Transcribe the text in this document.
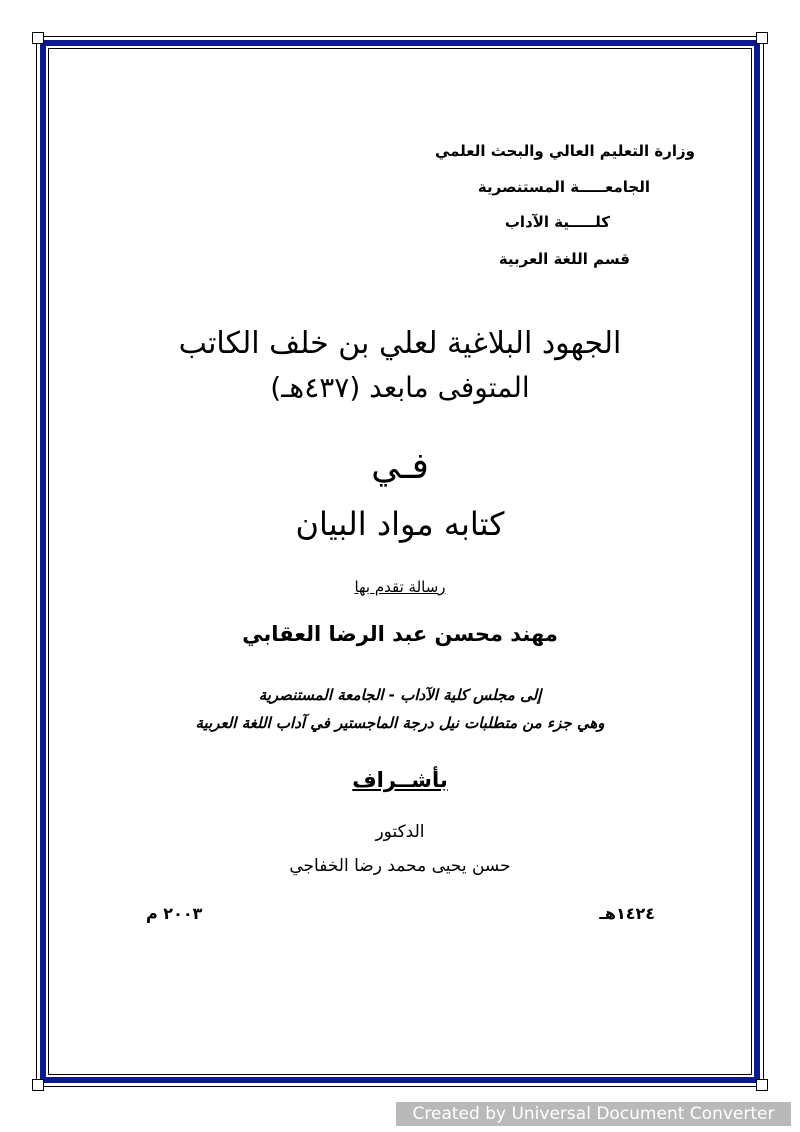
وزارة التعليم العالي والبحث العلمي
الجامعـــــة المستنصرية
كلـــــية الآداب
قسم اللغة العربية
الجهود البلاغية لعلي بن خلف الكاتب
المتوفى مابعد (٤٣٧هـ)
فـي
كتابه مواد البيان
رسالة تقدم بها
مهند محسن عبد الرضا العقابي
إلى مجلس كلية الآداب - الجامعة المستنصرية
وهي جزء من متطلبات نيل درجة الماجستير في آداب اللغة العربية
بأشــراف
الدكتور
حسن يحيى محمد رضا الخفاجي
١٤٢٤هـ
٢٠٠٣ م
Created by Universal Document Converter
